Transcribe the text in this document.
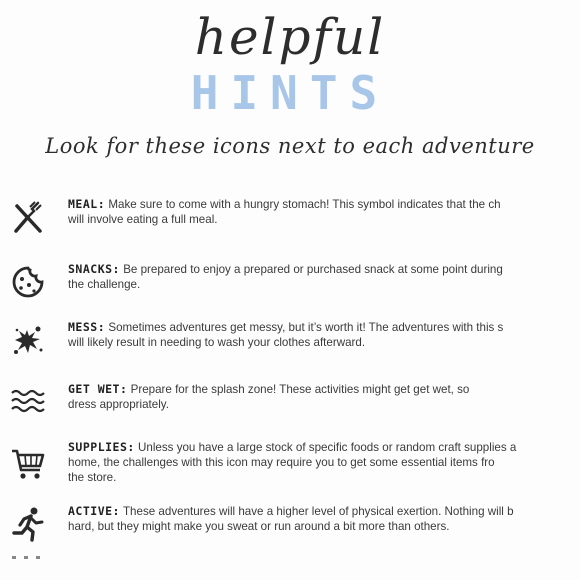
helpful
HINTS
Look for these icons next to each adventure
MEAL: Make sure to come with a hungry stomach! This symbol indicates that the ch
will involve eating a full meal.
SNACKS: Be prepared to enjoy a prepared or purchased snack at some point during
the challenge.
MESS: Sometimes adventures get messy, but it’s worth it! The adventures with this s
will likely result in needing to wash your clothes afterward.
GET WET: Prepare for the splash zone! These activities might get get wet, so
dress appropriately.
SUPPLIES: Unless you have a large stock of specific foods or random craft supplies a
home, the challenges with this icon may require you to get some essential items fro
the store.
ACTIVE: These adventures will have a higher level of physical exertion. Nothing will b
hard, but they might make you sweat or run around a bit more than others.
